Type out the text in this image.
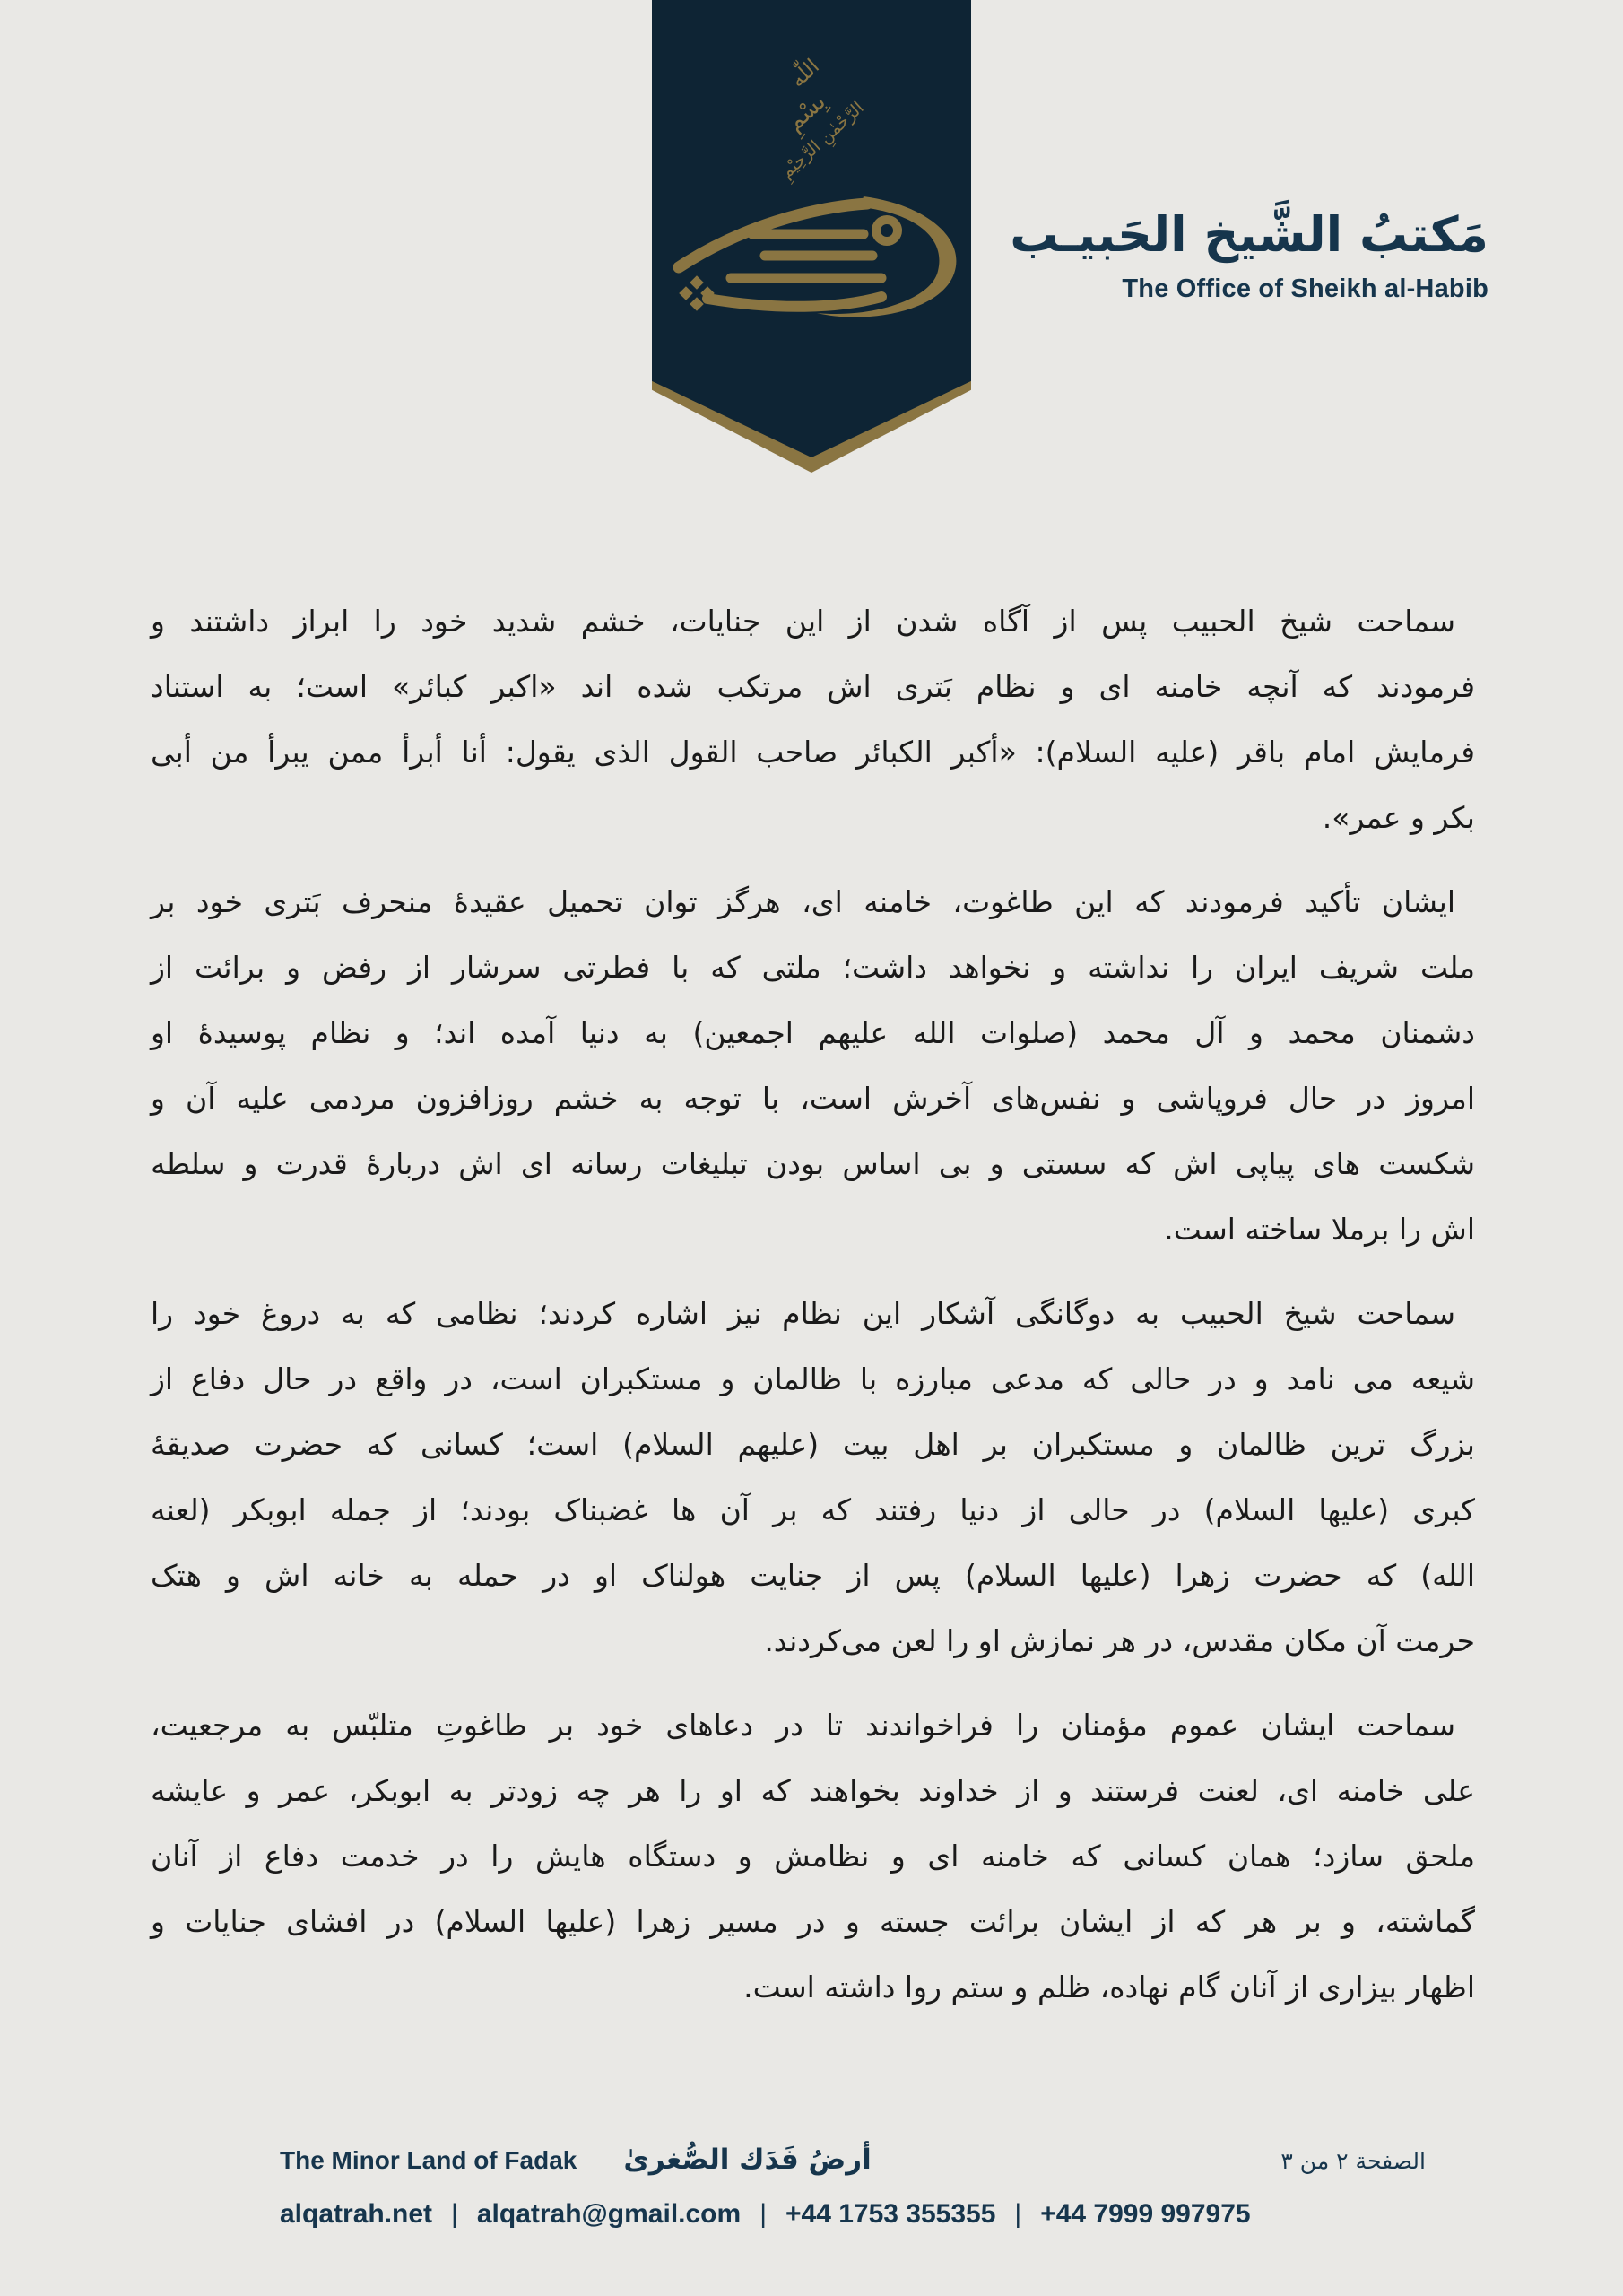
اللّٰه بِسْمِ الرَّحْمٰنِ الرَّحِیْمِ
مَكتبُ الشَّيخ الحَبيـب
The Office of Sheikh al-Habib
سماحت شیخ الحبیب پس از آگاه شدن از این جنایات، خشم شدید خود را ابراز داشتند و
فرمودند که آنچه خامنه ای و نظام بَتری اش مرتکب شده اند «اکبر کبائر» است؛ به استناد
فرمایش امام باقر (علیه السلام): «أکبر الکبائر صاحب القول الذی یقول: أنا أبرأ ممن یبرأ من أبی
بکر و عمر».
ایشان تأکید فرمودند که این طاغوت، خامنه ای، هرگز توان تحمیل عقیدهٔ منحرف بَتری خود بر
ملت شریف ایران را نداشته و نخواهد داشت؛ ملتی که با فطرتی سرشار از رفض و برائت از
دشمنان محمد و آل محمد (صلوات الله علیهم اجمعین) به دنیا آمده اند؛ و نظام پوسیدهٔ او
امروز در حال فروپاشی و نفس‌های آخرش است، با توجه به خشم روزافزون مردمی علیه آن و
شکست های پیاپی اش که سستی و بی اساس بودن تبلیغات رسانه ای اش دربارهٔ قدرت و سلطه
اش را برملا ساخته است.
سماحت شیخ الحبیب به دوگانگی آشکار این نظام نیز اشاره کردند؛ نظامی که به دروغ خود را
شیعه می نامد و در حالی که مدعی مبارزه با ظالمان و مستکبران است، در واقع در حال دفاع از
بزرگ ترین ظالمان و مستکبران بر اهل بیت (علیهم السلام) است؛ کسانی که حضرت صدیقهٔ
کبری (علیها السلام) در حالی از دنیا رفتند که بر آن ها غضبناک بودند؛ از جمله ابوبکر (لعنه
الله) که حضرت زهرا (علیها السلام) پس از جنایت هولناک او در حمله به خانه اش و هتک
حرمت آن مکان مقدس، در هر نمازش او را لعن می‌کردند.
سماحت ایشان عموم مؤمنان را فراخواندند تا در دعاهای خود بر طاغوتِ متلبّس به مرجعیت،
علی خامنه ای، لعنت فرستند و از خداوند بخواهند که او را هر چه زودتر به ابوبکر، عمر و عایشه
ملحق سازد؛ همان کسانی که خامنه ای و نظامش و دستگاه هایش را در خدمت دفاع از آنان
گماشته، و بر هر که از ایشان برائت جسته و در مسیر زهرا (علیها السلام) در افشای جنایات و
اظهار بیزاری از آنان گام نهاده، ظلم و ستم روا داشته است.
The Minor Land of Fadak أرضُ فَدَك الصُّغرىٰ	الصفحة ٢ من ٣
alqatrah.net | alqatrah@gmail.com | +44 1753 355355 | +44 7999 997975
